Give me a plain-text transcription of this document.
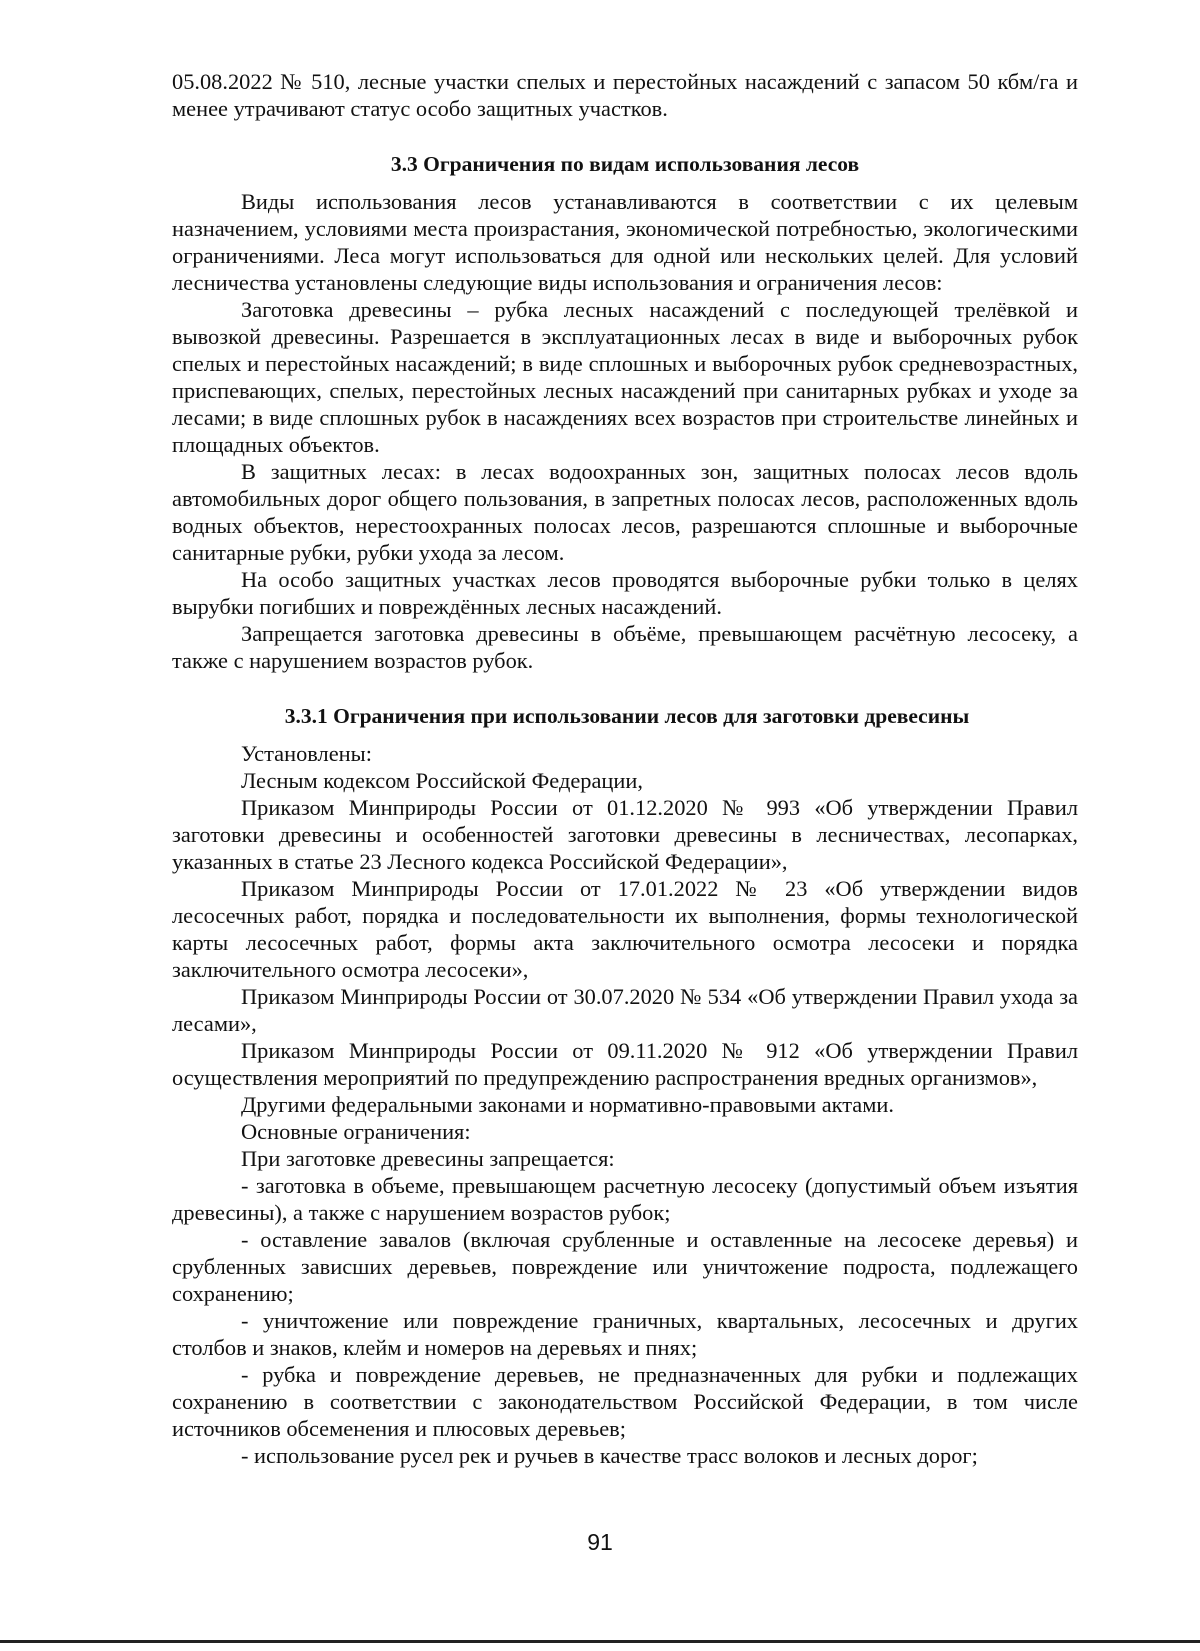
05.08.2022 № 510, лесные участки спелых и перестойных насаждений с запасом 50 кбм/га и менее утрачивают статус особо защитных участков.

3.3 Ограничения по видам использования лесов

Виды использования лесов устанавливаются в соответствии с их целевым назначением, условиями места произрастания, экономической потребностью, экологическими ограничениями. Леса могут использоваться для одной или нескольких целей. Для условий лесничества установлены следующие виды использования и ограничения лесов:

Заготовка древесины – рубка лесных насаждений с последующей трелёвкой и вывозкой древесины. Разрешается в эксплуатационных лесах в виде и выборочных рубок спелых и перестойных насаждений; в виде сплошных и выборочных рубок средневозрастных, приспевающих, спелых, перестойных лесных насаждений при санитарных рубках и уходе за лесами; в виде сплошных рубок в насаждениях всех возрастов при строительстве линейных и площадных объектов.

В защитных лесах: в лесах водоохранных зон, защитных полосах лесов вдоль автомобильных дорог общего пользования, в запретных полосах лесов, расположенных вдоль водных объектов, нерестоохранных полосах лесов, разрешаются сплошные и выборочные санитарные рубки, рубки ухода за лесом.

На особо защитных участках лесов проводятся выборочные рубки только в целях вырубки погибших и повреждённых лесных насаждений.

Запрещается заготовка древесины в объёме, превышающем расчётную лесосеку, а также с нарушением возрастов рубок.

3.3.1 Ограничения при использовании лесов для заготовки древесины

Установлены:

Лесным кодексом Российской Федерации,

Приказом Минприроды России от 01.12.2020 № 993 «Об утверждении Правил заготовки древесины и особенностей заготовки древесины в лесничествах, лесопарках, указанных в статье 23 Лесного кодекса Российской Федерации»,

Приказом Минприроды России от 17.01.2022 № 23 «Об утверждении видов лесосечных работ, порядка и последовательности их выполнения, формы технологической карты лесосечных работ, формы акта заключительного осмотра лесосеки и порядка заключительного осмотра лесосеки»,

Приказом Минприроды России от 30.07.2020 № 534 «Об утверждении Правил ухода за лесами»,

Приказом Минприроды России от 09.11.2020 № 912 «Об утверждении Правил осуществления мероприятий по предупреждению распространения вредных организмов»,

Другими федеральными законами и нормативно-правовыми актами.

Основные ограничения:

При заготовке древесины запрещается:

- заготовка в объеме, превышающем расчетную лесосеку (допустимый объем изъятия древесины), а также с нарушением возрастов рубок;

- оставление завалов (включая срубленные и оставленные на лесосеке деревья) и срубленных зависших деревьев, повреждение или уничтожение подроста, подлежащего сохранению;

- уничтожение или повреждение граничных, квартальных, лесосечных и других столбов и знаков, клейм и номеров на деревьях и пнях;

- рубка и повреждение деревьев, не предназначенных для рубки и подлежащих сохранению в соответствии с законодательством Российской Федерации, в том числе источников обсеменения и плюсовых деревьев;

- использование русел рек и ручьев в качестве трасс волоков и лесных дорог;

91
